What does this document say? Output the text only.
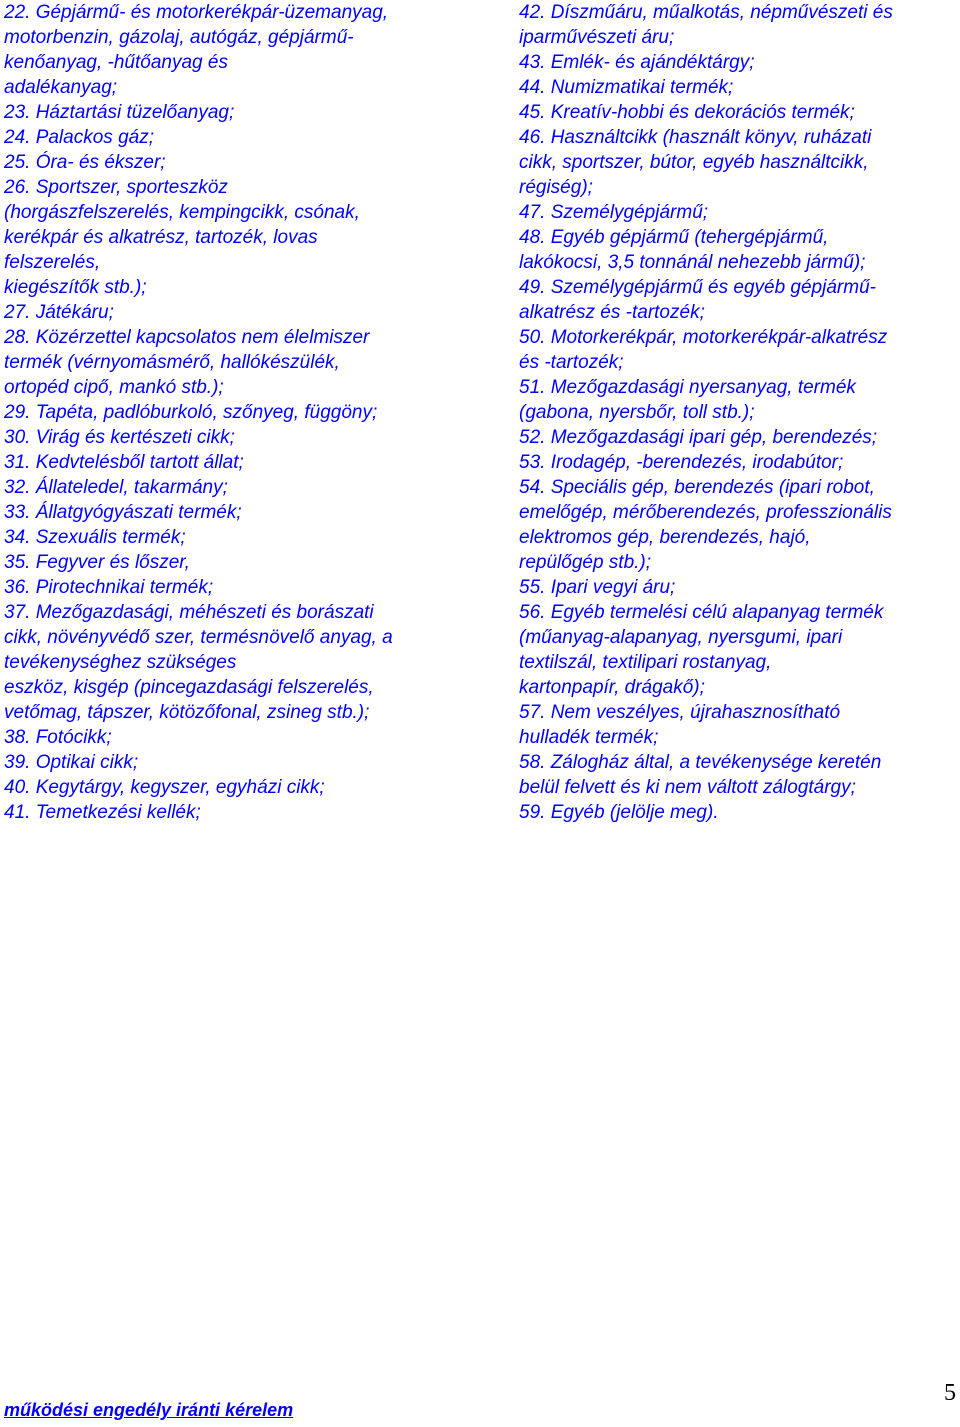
22. Gépjármű- és motorkerékpár-üzemanyag,
motorbenzin, gázolaj, autógáz, gépjármű-
kenőanyag, -hűtőanyag és
adalékanyag;
23. Háztartási tüzelőanyag;
24. Palackos gáz;
25. Óra- és ékszer;
26. Sportszer, sporteszköz
(horgászfelszerelés, kempingcikk, csónak,
kerékpár és alkatrész, tartozék, lovas
felszerelés,
kiegészítők stb.);
27. Játékáru;
28. Közérzettel kapcsolatos nem élelmiszer
termék (vérnyomásmérő, hallókészülék,
ortopéd cipő, mankó stb.);
29. Tapéta, padlóburkoló, szőnyeg, függöny;
30. Virág és kertészeti cikk;
31. Kedvtelésből tartott állat;
32. Állateledel, takarmány;
33. Állatgyógyászati termék;
34. Szexuális termék;
35. Fegyver és lőszer,
36. Pirotechnikai termék;
37. Mezőgazdasági, méhészeti és borászati
cikk, növényvédő szer, termésnövelő anyag, a
tevékenységhez szükséges
eszköz, kisgép (pincegazdasági felszerelés,
vetőmag, tápszer, kötözőfonal, zsineg stb.);
38. Fotócikk;
39. Optikai cikk;
40. Kegytárgy, kegyszer, egyházi cikk;
41. Temetkezési kellék;
42. Díszműáru, műalkotás, népművészeti és
iparművészeti áru;
43. Emlék- és ajándéktárgy;
44. Numizmatikai termék;
45. Kreatív-hobbi és dekorációs termék;
46. Használtcikk (használt könyv, ruházati
cikk, sportszer, bútor, egyéb használtcikk,
régiség);
47. Személygépjármű;
48. Egyéb gépjármű (tehergépjármű,
lakókocsi, 3,5 tonnánál nehezebb jármű);
49. Személygépjármű és egyéb gépjármű-
alkatrész és -tartozék;
50. Motorkerékpár, motorkerékpár-alkatrész
és -tartozék;
51. Mezőgazdasági nyersanyag, termék
(gabona, nyersbőr, toll stb.);
52. Mezőgazdasági ipari gép, berendezés;
53. Irodagép, -berendezés, irodabútor;
54. Speciális gép, berendezés (ipari robot,
emelőgép, mérőberendezés, professzionális
elektromos gép, berendezés, hajó,
repülőgép stb.);
55. Ipari vegyi áru;
56. Egyéb termelési célú alapanyag termék
(műanyag-alapanyag, nyersgumi, ipari
textilszál, textilipari rostanyag,
kartonpapír, drágakő);
57. Nem veszélyes, újrahasznosítható
hulladék termék;
58. Zálogház által, a tevékenysége keretén
belül felvett és ki nem váltott zálogtárgy;
59. Egyéb (jelölje meg).
működési engedély iránti kérelem
5
